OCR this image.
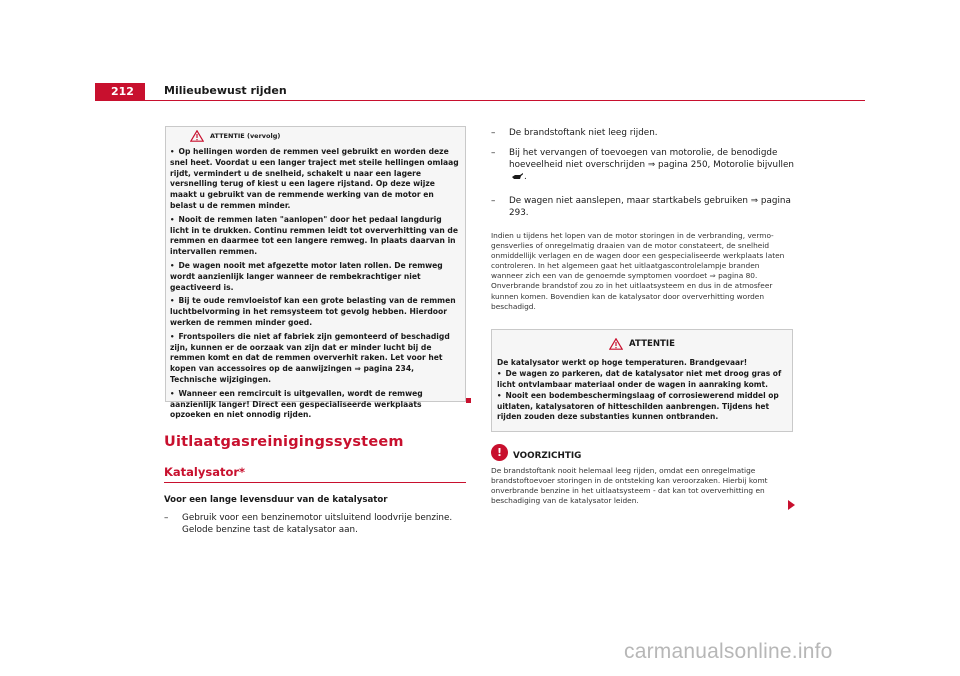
212	Milieubewust rijden
ATTENTIE (vervolg)

• Op hellingen worden de remmen veel gebruikt en worden deze snel heet. Voordat u een langer traject met steile hellingen omlaag rijdt, vermindert u de snelheid, schakelt u naar een lagere versnelling terug of kiest u een lagere rijstand. Op deze wijze maakt u gebruikt van de remmende werking van de motor en belast u de remmen minder.

• Nooit de remmen laten "aanlopen" door het pedaal langdurig licht in te drukken. Continu remmen leidt tot oververhitting van de remmen en daarmee tot een langere remweg. In plaats daarvan in intervallen remmen.

• De wagen nooit met afgezette motor laten rollen. De remweg wordt aanzienlijk langer wanneer de rembekrachtiger niet geactiveerd is.

• Bij te oude remvloeistof kan een grote belasting van de remmen luchtbelvorming in het remsysteem tot gevolg hebben. Hierdoor werken de remmen minder goed.

• Frontspoilers die niet af fabriek zijn gemonteerd of beschadigd zijn, kunnen er de oorzaak van zijn dat er minder lucht bij de remmen komt en dat de remmen oververhit raken. Let voor het kopen van accessoires op de aanwijzingen ⇒ pagina 234, Technische wijzigingen.

• Wanneer een remcircuit is uitgevallen, wordt de remweg aanzienlijk langer! Direct een gespecialiseerde werkplaats opzoeken en niet onnodig rijden.

Uitlaatgasreinigingssysteem
Katalysator*
Voor een lange levensduur van de katalysator
– Gebruik voor een benzinemotor uitsluitend loodvrije benzine. Gelode benzine tast de katalysator aan.
– De brandstoftank niet leeg rijden.
– Bij het vervangen of toevoegen van motorolie, de benodigde hoeveelheid niet overschrijden ⇒ pagina 250, Motorolie bijvullen.
– De wagen niet aanslepen, maar startkabels gebruiken ⇒ pagina 293.
Indien u tijdens het lopen van de motor storingen in de verbranding, vermogensverlies of onregelmatig draaien van de motor constateert, de snelheid onmiddellijk verlagen en de wagen door een gespecialiseerde werkplaats laten controleren. In het algemeen gaat het uitlaatgascontrolelampje branden wanneer zich een van de genoemde symptomen voordoet ⇒ pagina 80. Onverbrande brandstof zou zo in het uitlaatsysteem en dus in de atmosfeer kunnen komen. Bovendien kan de katalysator door oververhitting worden beschadigd.
ATTENTIE

De katalysator werkt op hoge temperaturen. Brandgevaar!

• De wagen zo parkeren, dat de katalysator niet met droog gras of licht ontvlambaar materiaal onder de wagen in aanraking komt.

• Nooit een bodembeschermingslaag of corrosiewerend middel op uitlaten, katalysatoren of hitteschilden aanbrengen. Tijdens het rijden zouden deze substanties kunnen ontbranden.

!	VOORZICHTIG
De brandstoftank nooit helemaal leeg rijden, omdat een onregelmatige brandstoftoevoer storingen in de ontsteking kan veroorzaken. Hierbij komt onverbrande benzine in het uitlaatsysteem - dat kan tot oververhitting en beschadiging van de katalysator leiden.
carmanualsonline.info
